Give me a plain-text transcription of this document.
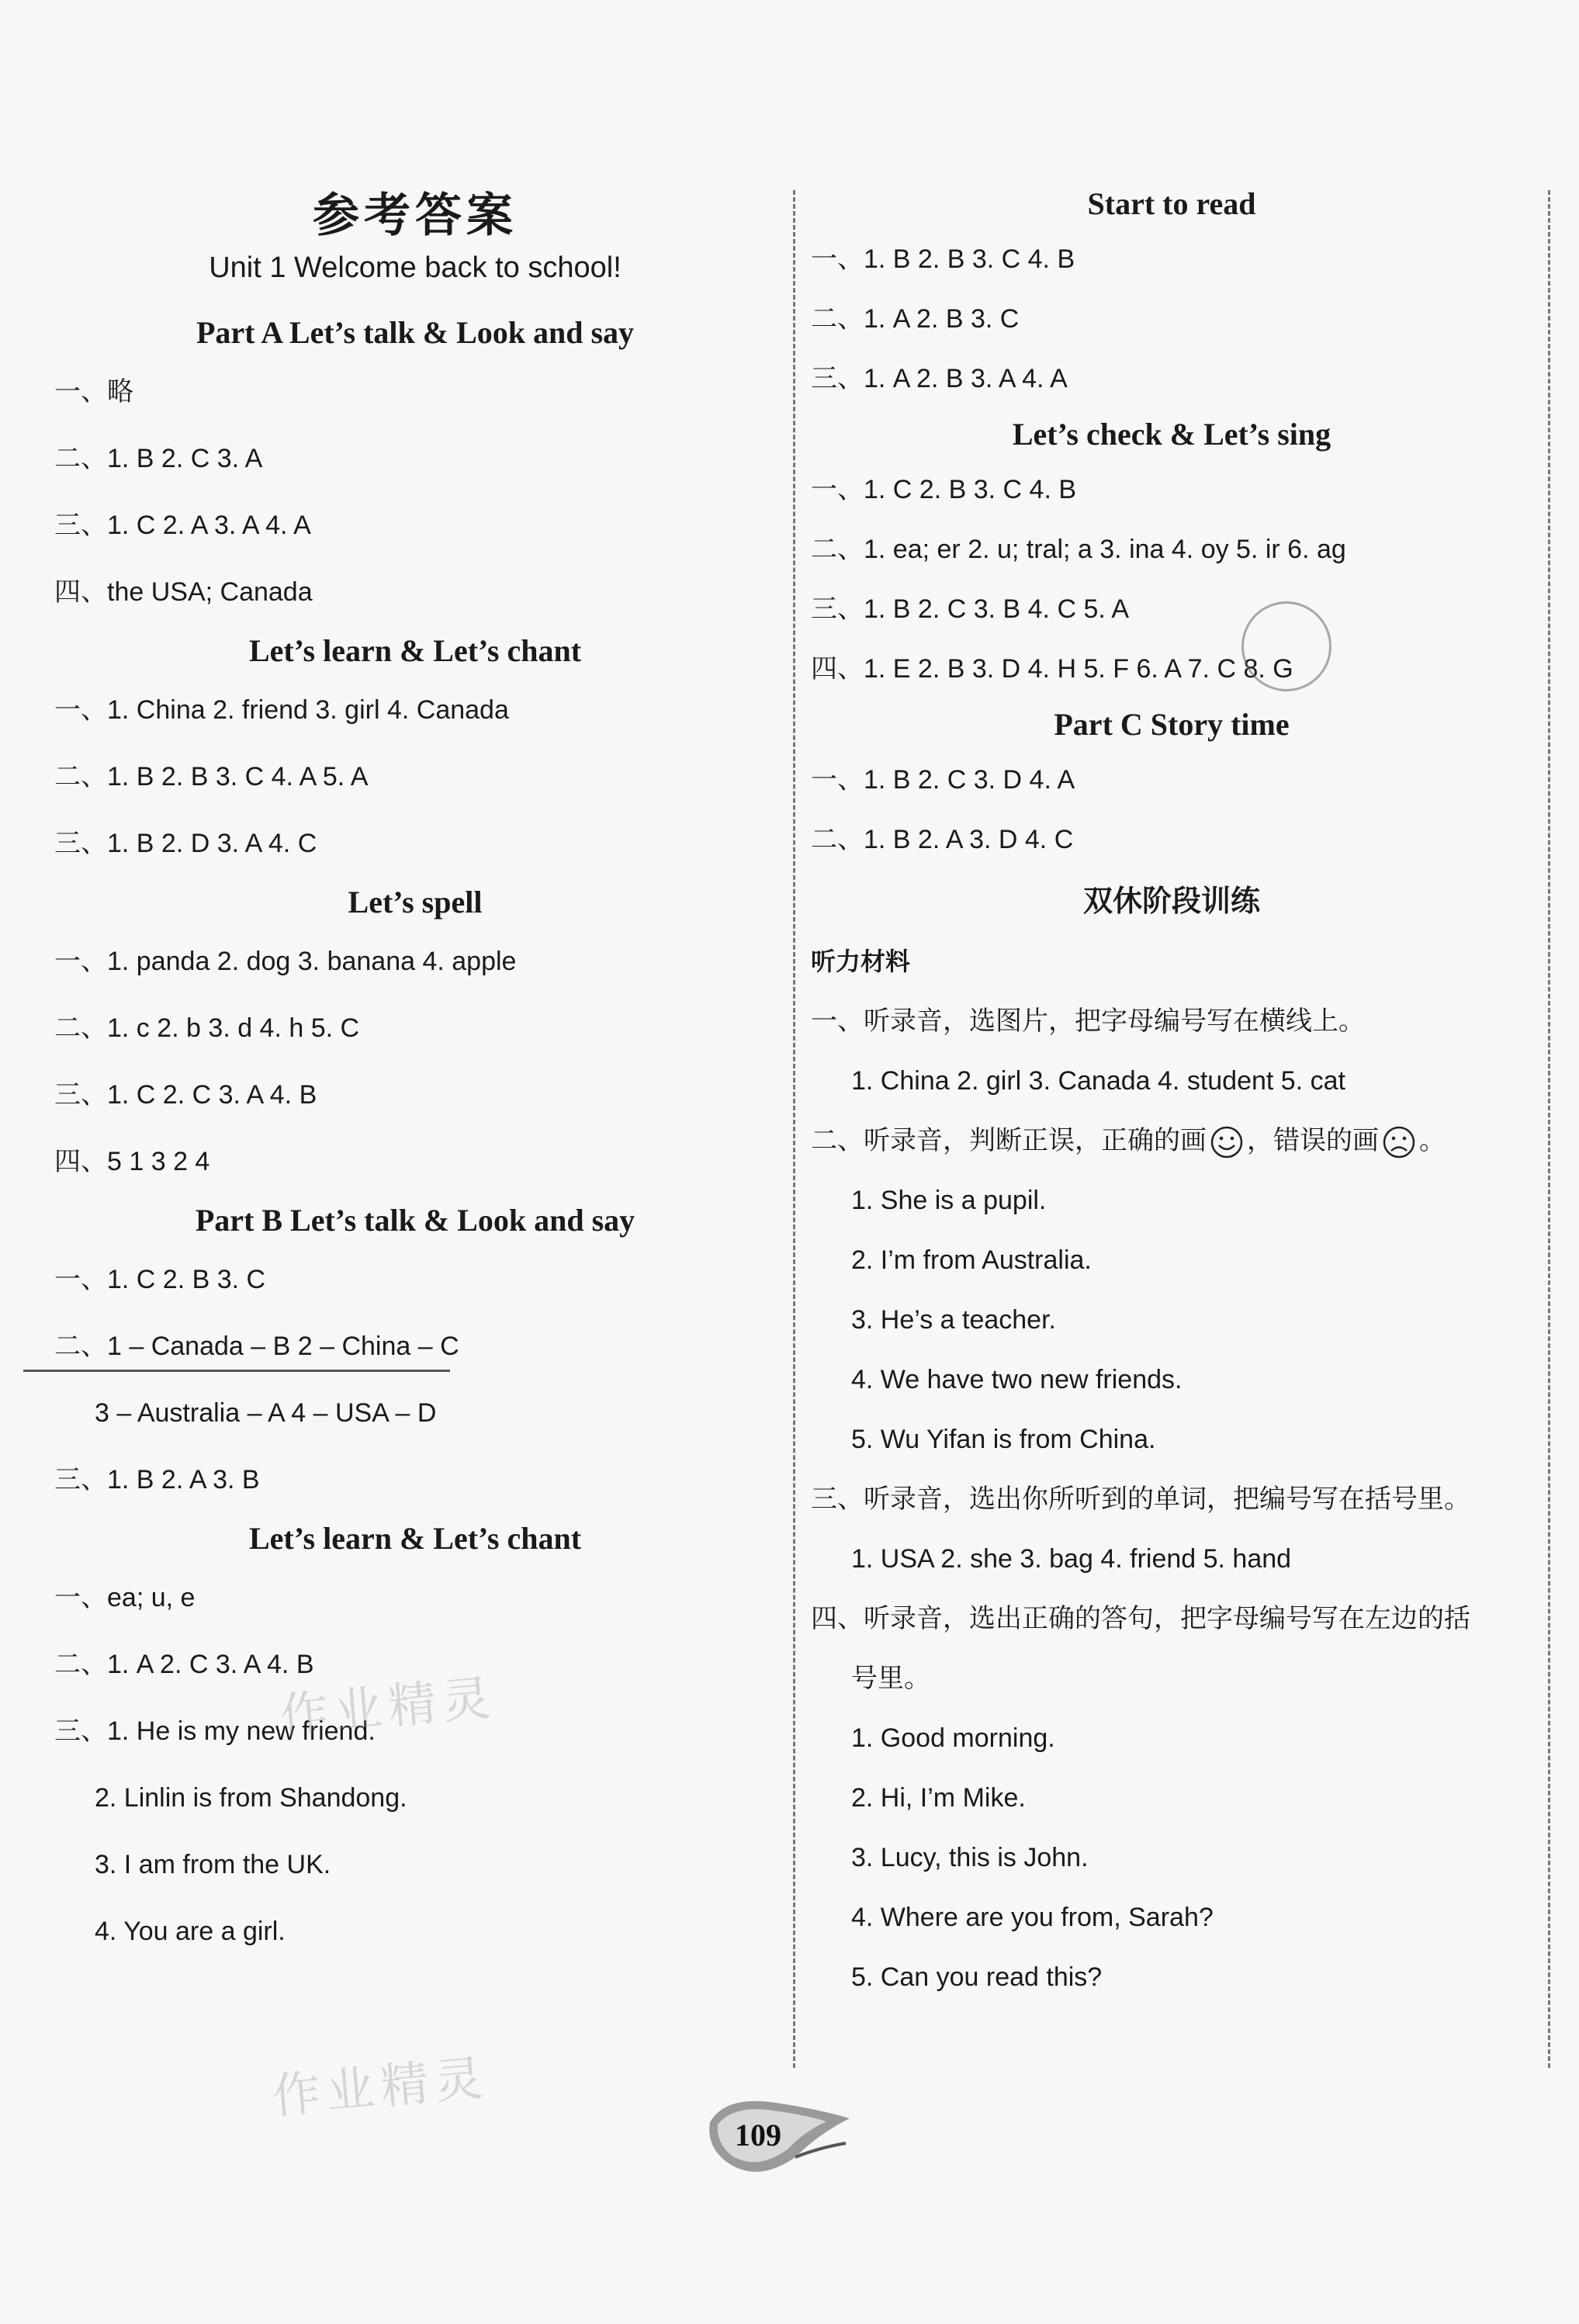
参考答案
Unit 1 Welcome back to school!
Part A Let’s talk & Look and say
一、略
二、1. B 2. C 3. A
三、1. C 2. A 3. A 4. A
四、the USA; Canada
Let’s learn & Let’s chant
一、1. China 2. friend 3. girl 4. Canada
二、1. B 2. B 3. C 4. A 5. A
三、1. B 2. D 3. A 4. C
Let’s spell
一、1. panda 2. dog 3. banana 4. apple
二、1. c 2. b 3. d 4. h 5. C
三、1. C 2. C 3. A 4. B
四、5 1 3 2 4
Part B Let’s talk & Look and say
一、1. C 2. B 3. C
二、1 – Canada – B 2 – China – C
3 – Australia – A 4 – USA – D
三、1. B 2. A 3. B
Let’s learn & Let’s chant
一、ea; u, e
二、1. A 2. C 3. A 4. B
三、1. He is my new friend.
2. Linlin is from Shandong.
3. I am from the UK.
4. You are a girl.
Start to read
一、1. B 2. B 3. C 4. B
二、1. A 2. B 3. C
三、1. A 2. B 3. A 4. A
Let’s check & Let’s sing
一、1. C 2. B 3. C 4. B
二、1. ea; er 2. u; tral; a 3. ina 4. oy 5. ir 6. ag
三、1. B 2. C 3. B 4. C 5. A
四、1. E 2. B 3. D 4. H 5. F 6. A 7. C 8. G
Part C Story time
一、1. B 2. C 3. D 4. A
二、1. B 2. A 3. D 4. C
双休阶段训练
听力材料
一、听录音，选图片，把字母编号写在横线上。
1. China 2. girl 3. Canada 4. student 5. cat
二、听录音，判断正误，正确的画 ，错误的画 。
1. She is a pupil.
2. I’m from Australia.
3. He’s a teacher.
4. We have two new friends.
5. Wu Yifan is from China.
三、听录音，选出你所听到的单词，把编号写在括号里。
1. USA 2. she 3. bag 4. friend 5. hand
四、听录音，选出正确的答句，把字母编号写在左边的括
号里。
1. Good morning.
2. Hi, I’m Mike.
3. Lucy, this is John.
4. Where are you from, Sarah?
5. Can you read this?
作业精灵
作业精灵
109
